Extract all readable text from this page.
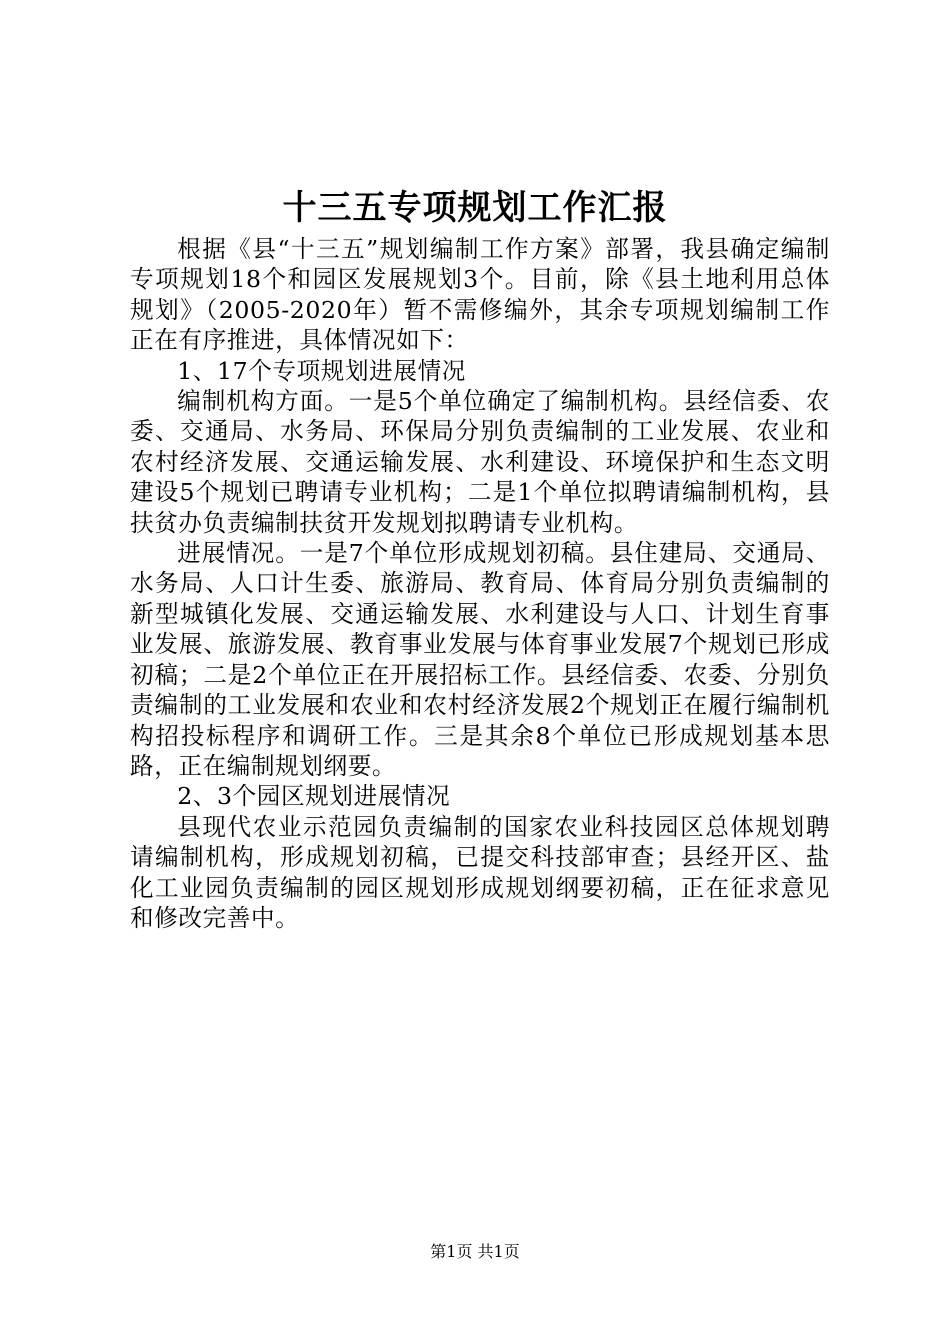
十三五专项规划工作汇报

根据《县“十三五”规划编制工作方案》部署，我县确定编制专项规划18个和园区发展规划3个。目前，除《县土地利用总体规划》（2005-2020年）暂不需修编外，其余专项规划编制工作正在有序推进，具体情况如下：

1、17个专项规划进展情况

编制机构方面。一是5个单位确定了编制机构。县经信委、农委、交通局、水务局、环保局分别负责编制的工业发展、农业和农村经济发展、交通运输发展、水利建设、环境保护和生态文明建设5个规划已聘请专业机构；二是1个单位拟聘请编制机构，县扶贫办负责编制扶贫开发规划拟聘请专业机构。

进展情况。一是7个单位形成规划初稿。县住建局、交通局、水务局、人口计生委、旅游局、教育局、体育局分别负责编制的新型城镇化发展、交通运输发展、水利建设与人口、计划生育事业发展、旅游发展、教育事业发展与体育事业发展7个规划已形成初稿；二是2个单位正在开展招标工作。县经信委、农委、分别负责编制的工业发展和农业和农村经济发展2个规划正在履行编制机构招投标程序和调研工作。三是其余8个单位已形成规划基本思路，正在编制规划纲要。

2、3个园区规划进展情况

县现代农业示范园负责编制的国家农业科技园区总体规划聘请编制机构，形成规划初稿，已提交科技部审查；县经开区、盐化工业园负责编制的园区规划形成规划纲要初稿，正在征求意见和修改完善中。

第1页 共1页
